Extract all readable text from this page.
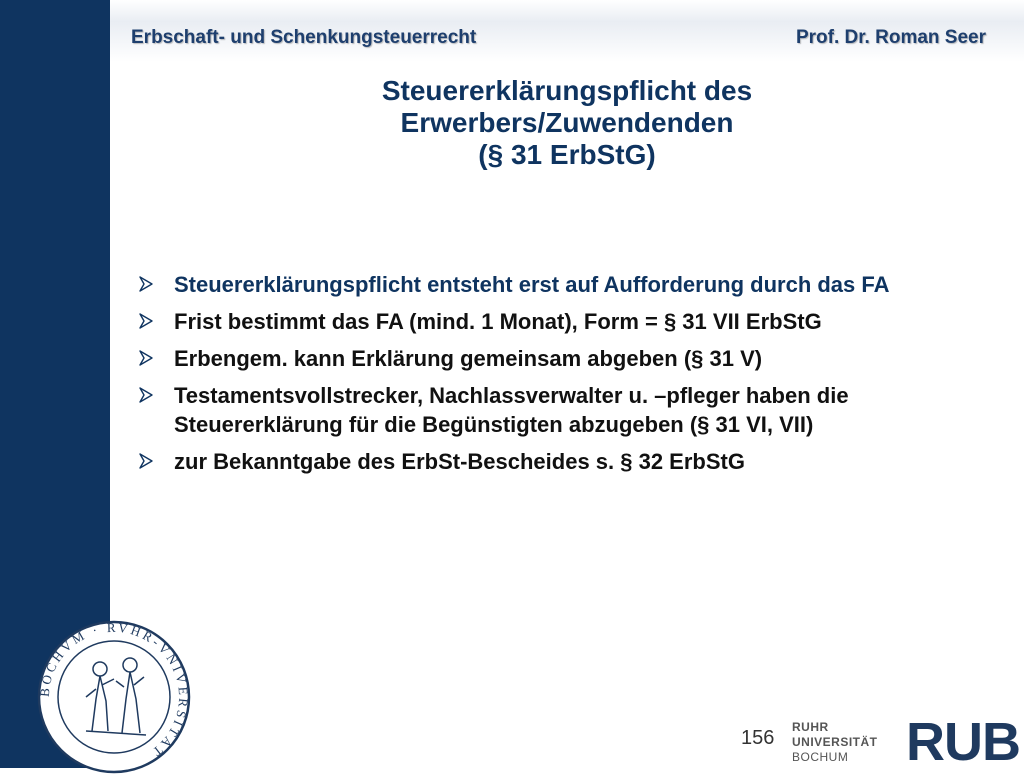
Erbschaft- und Schenkungsteuerrecht	Prof. Dr. Roman Seer
Steuererklärungspflicht des
Erwerbers/Zuwendenden
(§ 31 ErbStG)
Steuererklärungspflicht entsteht erst auf Aufforderung durch das FA
Frist bestimmt das FA (mind. 1 Monat), Form = § 31 VII ErbStG
Erbengem. kann Erklärung gemeinsam abgeben (§ 31 V)
Testamentsvollstrecker, Nachlassverwalter u. –pfleger haben die Steuererklärung für die Begünstigten abzugeben (§ 31 VI, VII)
zur Bekanntgabe des ErbSt-Bescheides s. § 32 ErbStG
BOCHVM · RVHR-VNIVERSITÄT
156 RUHR
UNIVERSITÄT
BOCHUM	RUB
